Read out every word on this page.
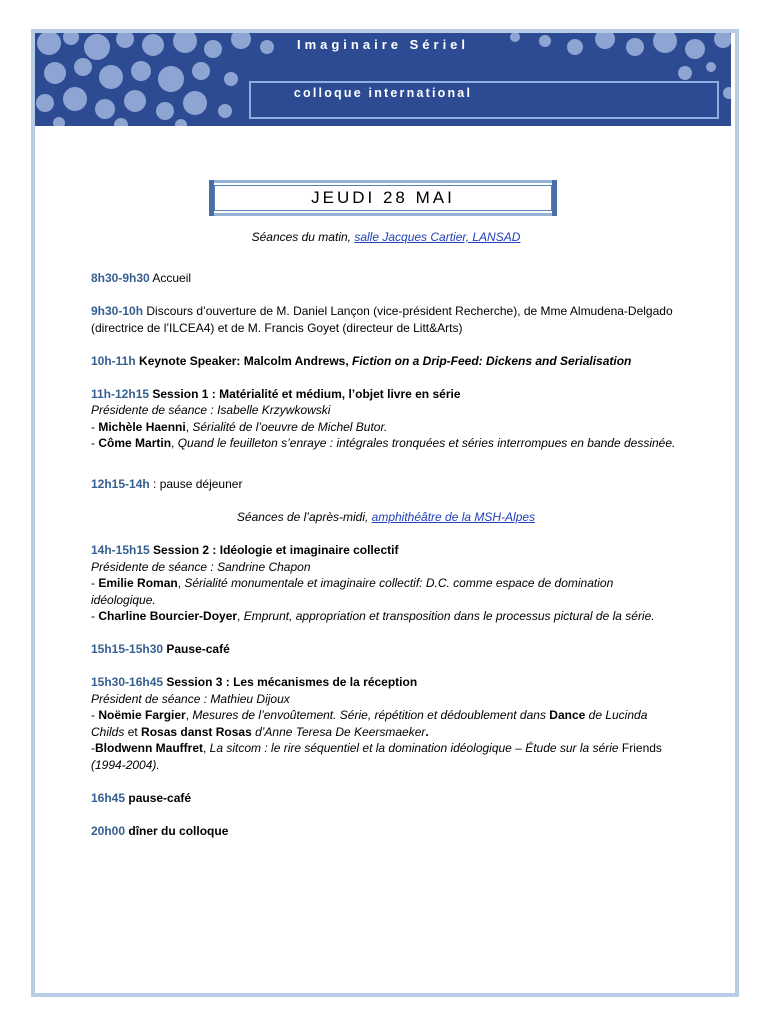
Imaginaire Sériel
colloque international
JEUDI 28 MAI

Séances du matin, salle Jacques Cartier, LANSAD

8h30-9h30 Accueil

9h30-10h Discours d’ouverture de M. Daniel Lançon (vice-président Recherche), de Mme Almudena-Delgado (directrice de l’ILCEA4) et de M. Francis Goyet (directeur de Litt&Arts)

10h-11h Keynote Speaker: Malcolm Andrews, Fiction on a Drip-Feed: Dickens and Serialisation

11h-12h15 Session 1 : Matérialité et médium, l’objet livre en série

Présidente de séance : Isabelle Krzywkowski

- Michèle Haenni, Sérialité de l’oeuvre de Michel Butor.

- Côme Martin, Quand le feuilleton s’enraye : intégrales tronquées et séries interrompues en bande dessinée.

12h15-14h : pause déjeuner

Séances de l’après-midi, amphithéâtre de la MSH-Alpes

14h-15h15 Session 2 : Idéologie et imaginaire collectif

Présidente de séance : Sandrine Chapon

- Emilie Roman, Sérialité monumentale et imaginaire collectif: D.C. comme espace de domination idéologique.

- Charline Bourcier-Doyer, Emprunt, appropriation et transposition dans le processus pictural de la série.

15h15-15h30 Pause-café

15h30-16h45 Session 3 : Les mécanismes de la réception

Président de séance : Mathieu Dijoux

- Noëmie Fargier, Mesures de l’envoûtement. Série, répétition et dédoublement dans Dance de Lucinda Childs et Rosas danst Rosas d’Anne Teresa De Keersmaeker.

-Blodwenn Mauffret, La sitcom : le rire séquentiel et la domination idéologique – Étude sur la série Friends (1994-2004).

16h45 pause-café

20h00 dîner du colloque
